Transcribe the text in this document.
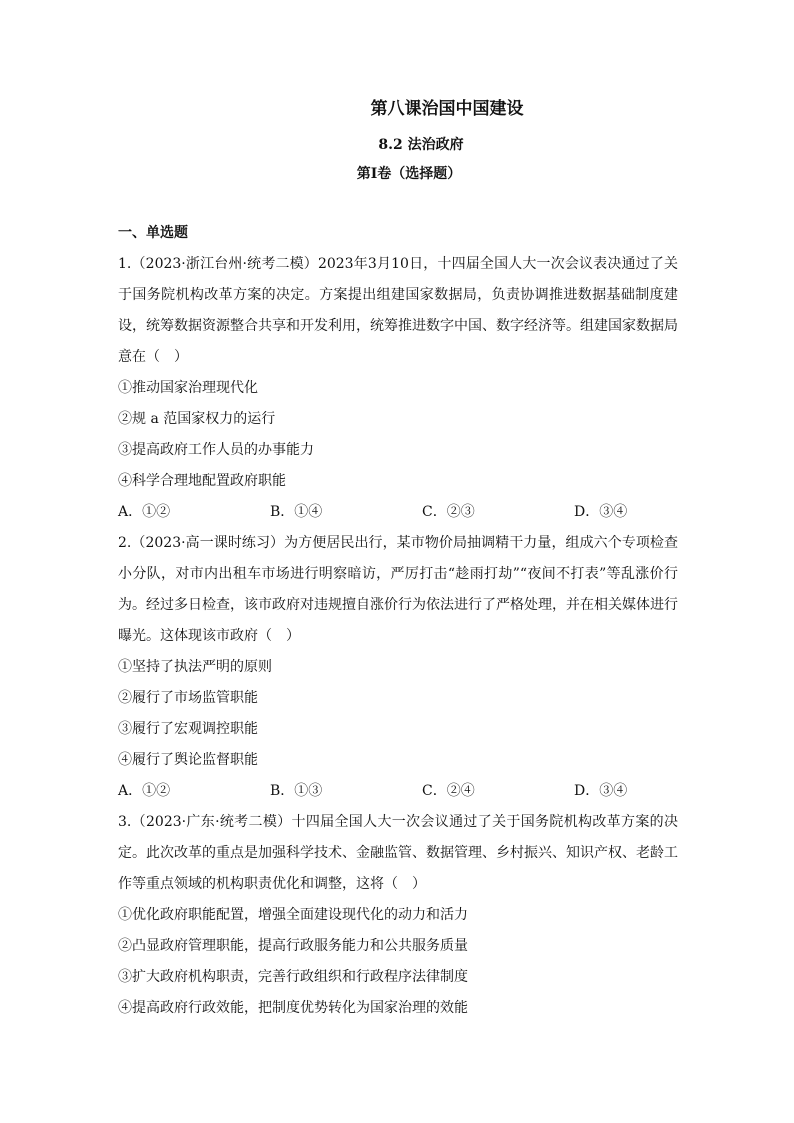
第八课治国中国建设
8.2 法治政府
第Ⅰ卷（选择题）
一、单选题
1.（2023·浙江台州·统考二模）2023年3月10日，十四届全国人大一次会议表决通过了关于国务院机构改革方案的决定。方案提出组建国家数据局，负责协调推进数据基础制度建设，统筹数据资源整合共享和开发利用，统筹推进数字中国、数字经济等。组建国家数据局意在（　）
①推动国家治理现代化
②规 a 范国家权力的运行
③提高政府工作人员的办事能力
④科学合理地配置政府职能
A．①②	B．①④	C．②③	D．③④
2.（2023·高一课时练习）为方便居民出行，某市物价局抽调精干力量，组成六个专项检查小分队，对市内出租车市场进行明察暗访，严厉打击“趁雨打劫”“夜间不打表”等乱涨价行为。经过多日检查，该市政府对违规擅自涨价行为依法进行了严格处理，并在相关媒体进行曝光。这体现该市政府（　）
①坚持了执法严明的原则
②履行了市场监管职能
③履行了宏观调控职能
④履行了舆论监督职能
A．①②	B．①③	C．②④	D．③④
3.（2023·广东·统考二模）十四届全国人大一次会议通过了关于国务院机构改革方案的决定。此次改革的重点是加强科学技术、金融监管、数据管理、乡村振兴、知识产权、老龄工作等重点领域的机构职责优化和调整，这将（　）
①优化政府职能配置，增强全面建设现代化的动力和活力
②凸显政府管理职能，提高行政服务能力和公共服务质量
③扩大政府机构职责，完善行政组织和行政程序法律制度
④提高政府行政效能，把制度优势转化为国家治理的效能
